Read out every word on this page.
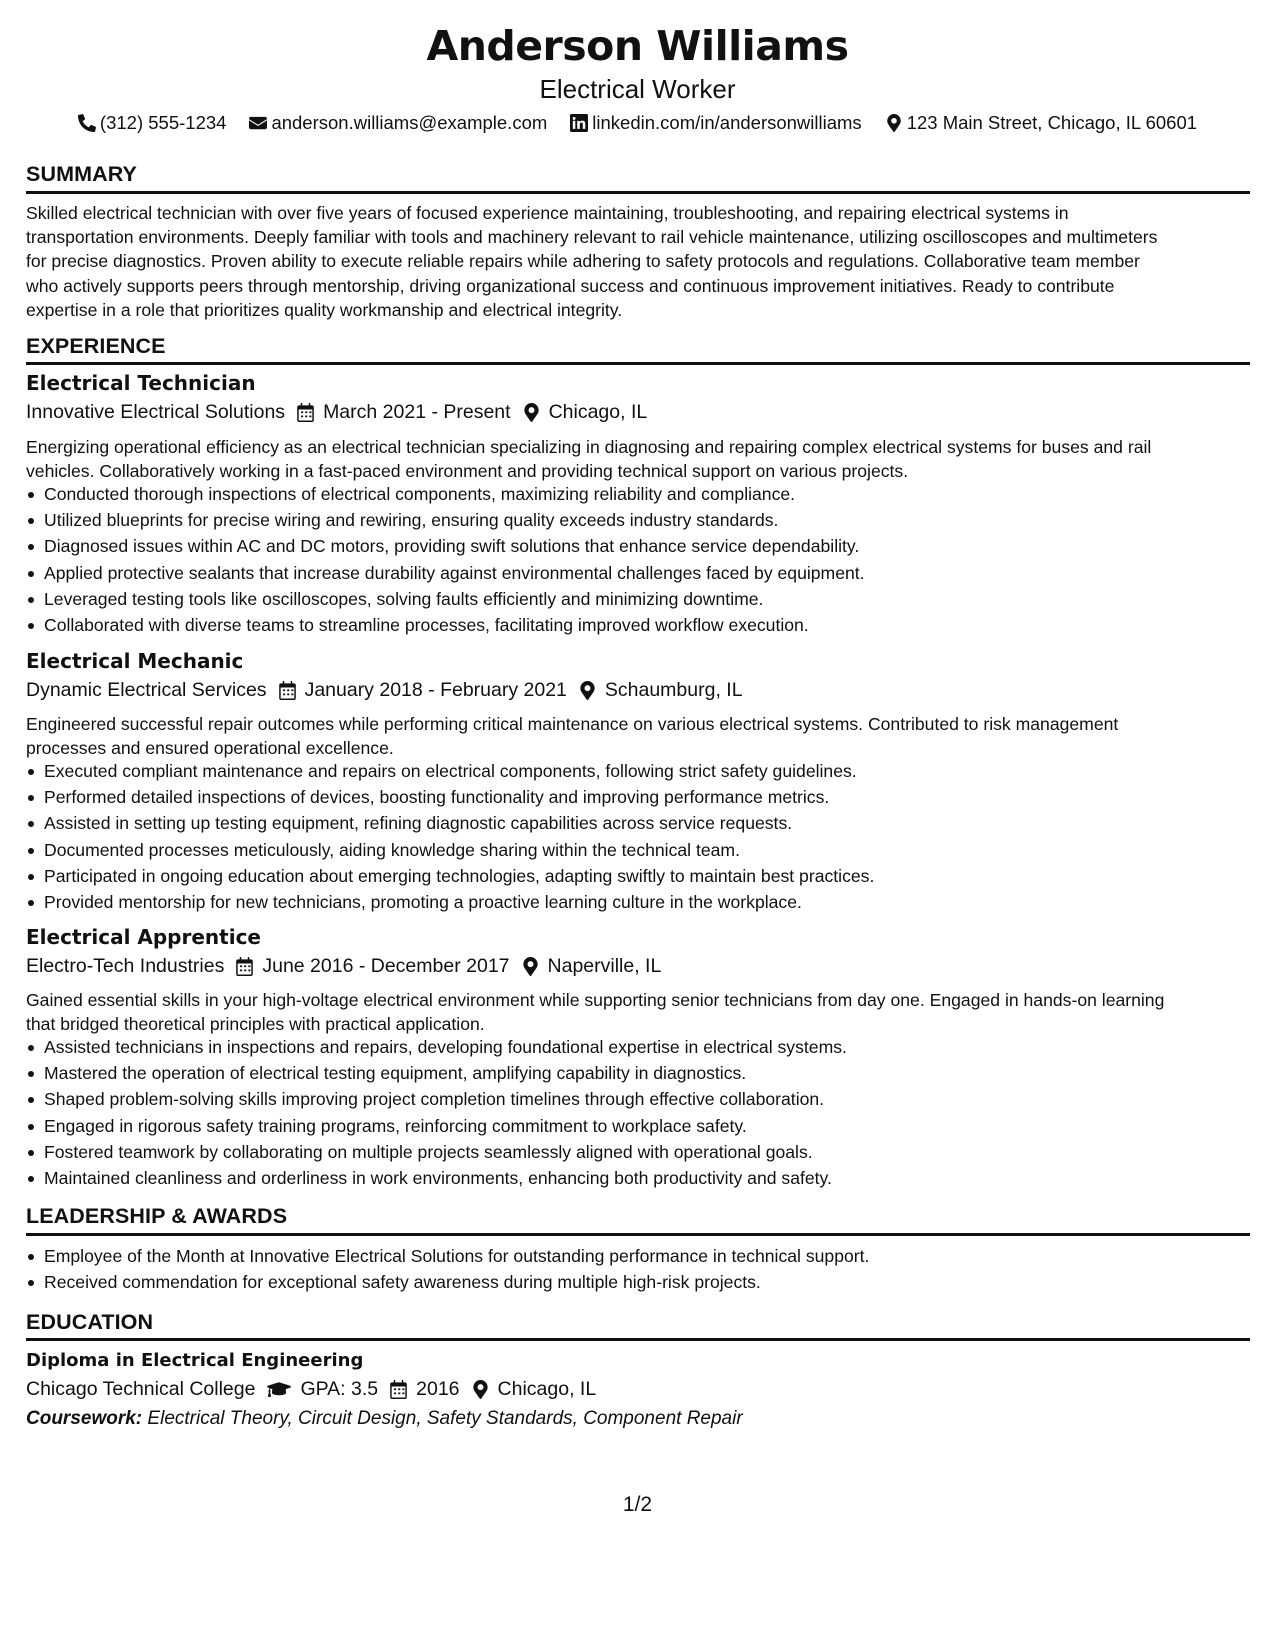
Anderson Williams
Electrical Worker
(312) 555-1234 anderson.williams@example.com linkedin.com/in/andersonwilliams 123 Main Street, Chicago, IL 60601
SUMMARY
Skilled electrical technician with over five years of focused experience maintaining, troubleshooting, and repairing electrical systems in
transportation environments. Deeply familiar with tools and machinery relevant to rail vehicle maintenance, utilizing oscilloscopes and multimeters
for precise diagnostics. Proven ability to execute reliable repairs while adhering to safety protocols and regulations. Collaborative team member
who actively supports peers through mentorship, driving organizational success and continuous improvement initiatives. Ready to contribute
expertise in a role that prioritizes quality workmanship and electrical integrity.
EXPERIENCE
Electrical Technician
Innovative Electrical Solutions March 2021 - Present Chicago, IL
Energizing operational efficiency as an electrical technician specializing in diagnosing and repairing complex electrical systems for buses and rail
vehicles. Collaboratively working in a fast-paced environment and providing technical support on various projects.
Conducted thorough inspections of electrical components, maximizing reliability and compliance.
Utilized blueprints for precise wiring and rewiring, ensuring quality exceeds industry standards.
Diagnosed issues within AC and DC motors, providing swift solutions that enhance service dependability.
Applied protective sealants that increase durability against environmental challenges faced by equipment.
Leveraged testing tools like oscilloscopes, solving faults efficiently and minimizing downtime.
Collaborated with diverse teams to streamline processes, facilitating improved workflow execution.
Electrical Mechanic
Dynamic Electrical Services January 2018 - February 2021 Schaumburg, IL
Engineered successful repair outcomes while performing critical maintenance on various electrical systems. Contributed to risk management
processes and ensured operational excellence.
Executed compliant maintenance and repairs on electrical components, following strict safety guidelines.
Performed detailed inspections of devices, boosting functionality and improving performance metrics.
Assisted in setting up testing equipment, refining diagnostic capabilities across service requests.
Documented processes meticulously, aiding knowledge sharing within the technical team.
Participated in ongoing education about emerging technologies, adapting swiftly to maintain best practices.
Provided mentorship for new technicians, promoting a proactive learning culture in the workplace.
Electrical Apprentice
Electro-Tech Industries June 2016 - December 2017 Naperville, IL
Gained essential skills in your high-voltage electrical environment while supporting senior technicians from day one. Engaged in hands-on learning
that bridged theoretical principles with practical application.
Assisted technicians in inspections and repairs, developing foundational expertise in electrical systems.
Mastered the operation of electrical testing equipment, amplifying capability in diagnostics.
Shaped problem-solving skills improving project completion timelines through effective collaboration.
Engaged in rigorous safety training programs, reinforcing commitment to workplace safety.
Fostered teamwork by collaborating on multiple projects seamlessly aligned with operational goals.
Maintained cleanliness and orderliness in work environments, enhancing both productivity and safety.
LEADERSHIP & AWARDS
Employee of the Month at Innovative Electrical Solutions for outstanding performance in technical support.
Received commendation for exceptional safety awareness during multiple high-risk projects.
EDUCATION
Diploma in Electrical Engineering
Chicago Technical College GPA: 3.5 2016 Chicago, IL
Coursework: Electrical Theory, Circuit Design, Safety Standards, Component Repair
1/2
